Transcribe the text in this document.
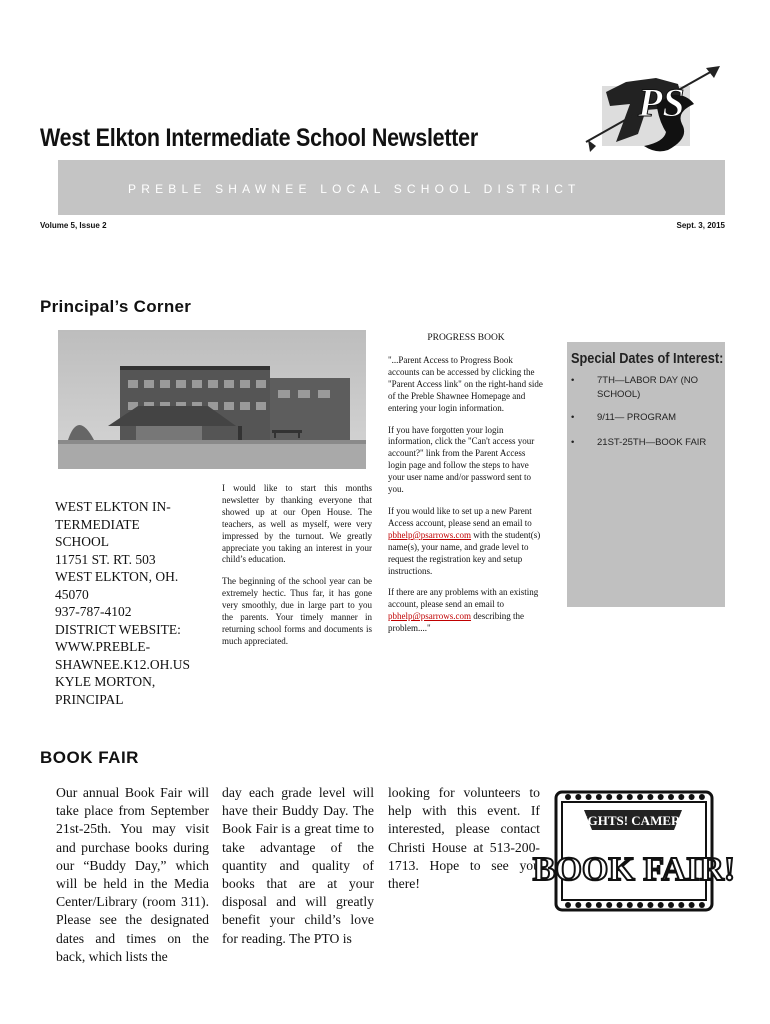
PS
West Elkton Intermediate School Newsletter
PREBLE SHAWNEE LOCAL SCHOOL DISTRICT
Volume 5, Issue 2	Sept. 3, 2015
Principal’s Corner
Special Dates of Interest:
• 7TH—LABOR DAY (NO SCHOOL)
• 9/11— PROGRAM
• 21ST-25TH—BOOK FAIR
WEST ELKTON IN-
TERMEDIATE
SCHOOL
11751 ST. RT. 503
WEST ELKTON, OH.
45070
937-787-4102
DISTRICT WEBSITE:
WWW.PREBLE-
SHAWNEE.K12.OH.US
KYLE MORTON,
PRINCIPAL

I would like to start this months newsletter by thanking everyone that showed up at our Open House. The teachers, as well as myself, were very impressed by the turnout. We greatly appreciate you taking an interest in your child’s education.

The beginning of the school year can be extremely hectic. Thus far, it has gone very smoothly, due in large part to you the parents. Your timely manner in returning school forms and documents is much appreciated.

PROGRESS BOOK

"...Parent Access to Progress Book accounts can be accessed by clicking the "Parent Access link" on the right-hand side of the Preble Shawnee Homepage and entering your login information.

If you have forgotten your login information, click the "Can't access your account?" link from the Parent Access login page and follow the steps to have your user name and/or password sent to you.

If you would like to set up a new Parent Access account, please send an email to pbhelp@psarrows.com with the student(s) name(s), your name, and grade level to request the registration key and setup instructions.

If there are any problems with an existing account, please send an email to pbhelp@psarrows.com describing the problem...."

BOOK FAIR
Our annual Book Fair will take place from September 21st-25th. You may visit and purchase books during our “Buddy Day,” which will be held in the Media Center/Library (room 311). Please see the designated dates and times on the back, which lists the
day each grade level will have their Buddy Day. The Book Fair is a great time to take advantage of the quantity and quality of books that are at your disposal and will greatly benefit your child’s love for reading. The PTO is
looking for volunteers to help with this event. If interested, please contact Christi House at 513-200-1713. Hope to see you there!
LIGHTS! CAMERA!
BOOK FAIR!
